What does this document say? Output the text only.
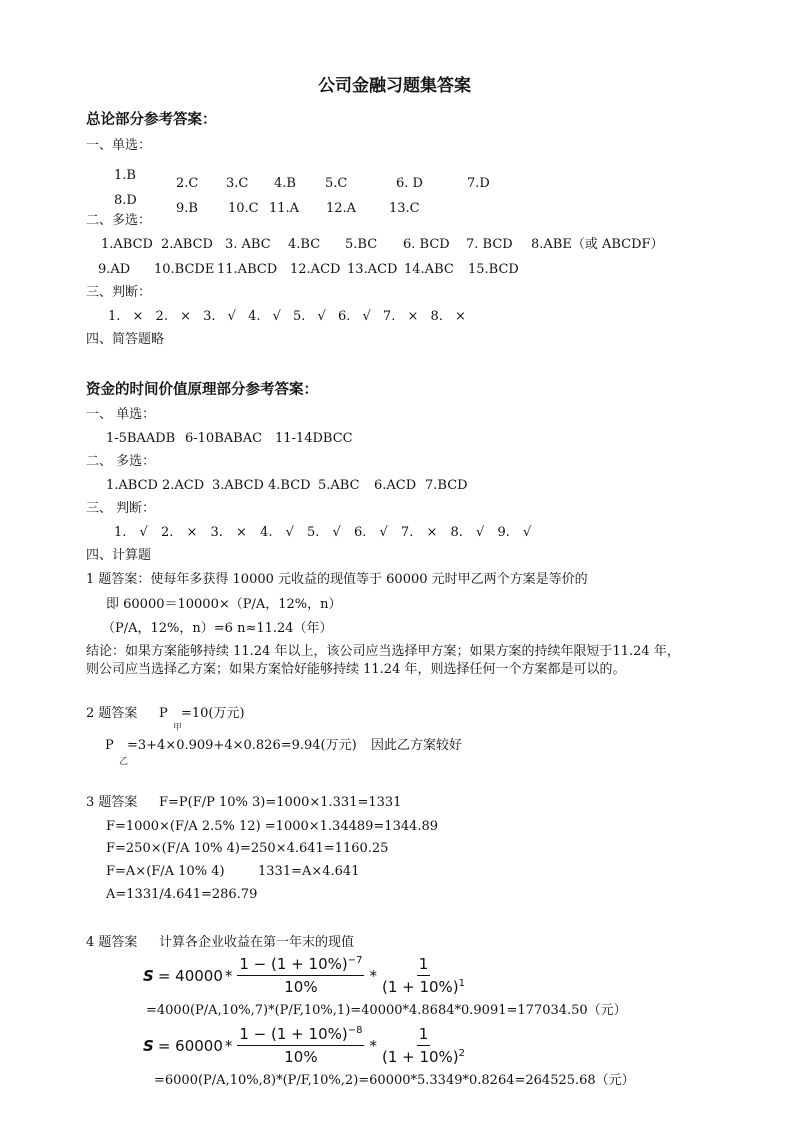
公司金融习题集答案
总论部分参考答案：
一、单选：
1.B
8.D
2.C 3.C 4.B 5.C	6. D	7.D
9.B 10.C 11.A 12.A	13.C
二、多选：
1.ABCD 2.ABCD 3. ABC 4.BC 5.BC 6. BCD 7. BCD 8.ABE（或 ABCDF）
9.AD 10.BCDE 11.ABCD 12.ACD 13.ACD 14.ABC 15.BCD
三、判断：
1. × 2. × 3. √ 4. √ 5. √ 6. √ 7. × 8. ×
四、简答题略
资金的时间价值原理部分参考答案：
一、 单选：
1-5BAADB 6-10BABAC 11-14DBCC
二、 多选：
1.ABCD 2.ACD 3.ABCD 4.BCD 5.ABC 6.ACD 7.BCD
三、 判断：
1. √ 2. × 3. × 4. √ 5. √ 6. √ 7. × 8. √ 9. √
四、计算题
1 题答案：使每年多获得 10000 元收益的现值等于 60000 元时甲乙两个方案是等价的
即 60000＝10000×（P/A，12%，n）
（P/A，12%，n）=6 n≈11.24（年）
结论：如果方案能够持续 11.24 年以上，该公司应当选择甲方案；如果方案的持续年限短于11.24 年，
则公司应当选择乙方案；如果方案恰好能够持续 11.24 年，则选择任何一个方案都是可以的。
2 题答案 P =10(万元)
甲
P =3+4×0.909+4×0.826=9.94(万元) 因此乙方案较好
乙
3 题答案 F=P(F/P 10% 3)=1000×1.331=1331
F=1000×(F/A 2.5% 12) =1000×1.34489=1344.89
F=250×(F/A 10% 4)=250×4.641=1160.25
F=A×(F/A 10% 4)	1331=A×4.641
A=1331/4.641=286.79
4 题答案 计算各企业收益在第一年末的现值
$S = 40000 * \frac{1 - (1 + 10\%)^{-7}}{10\%} * \frac{1}{(1 + 10\%)^1}$
=4000(P/A,10%,7)*(P/F,10%,1)=40000*4.8684*0.9091=177034.50（元）
$S = 60000 * \frac{1 - (1 + 10\%)^{-8}}{10\%} * \frac{1}{(1 + 10\%)^2}$
=6000(P/A,10%,8)*(P/F,10%,2)=60000*5.3349*0.8264=264525.68（元）
